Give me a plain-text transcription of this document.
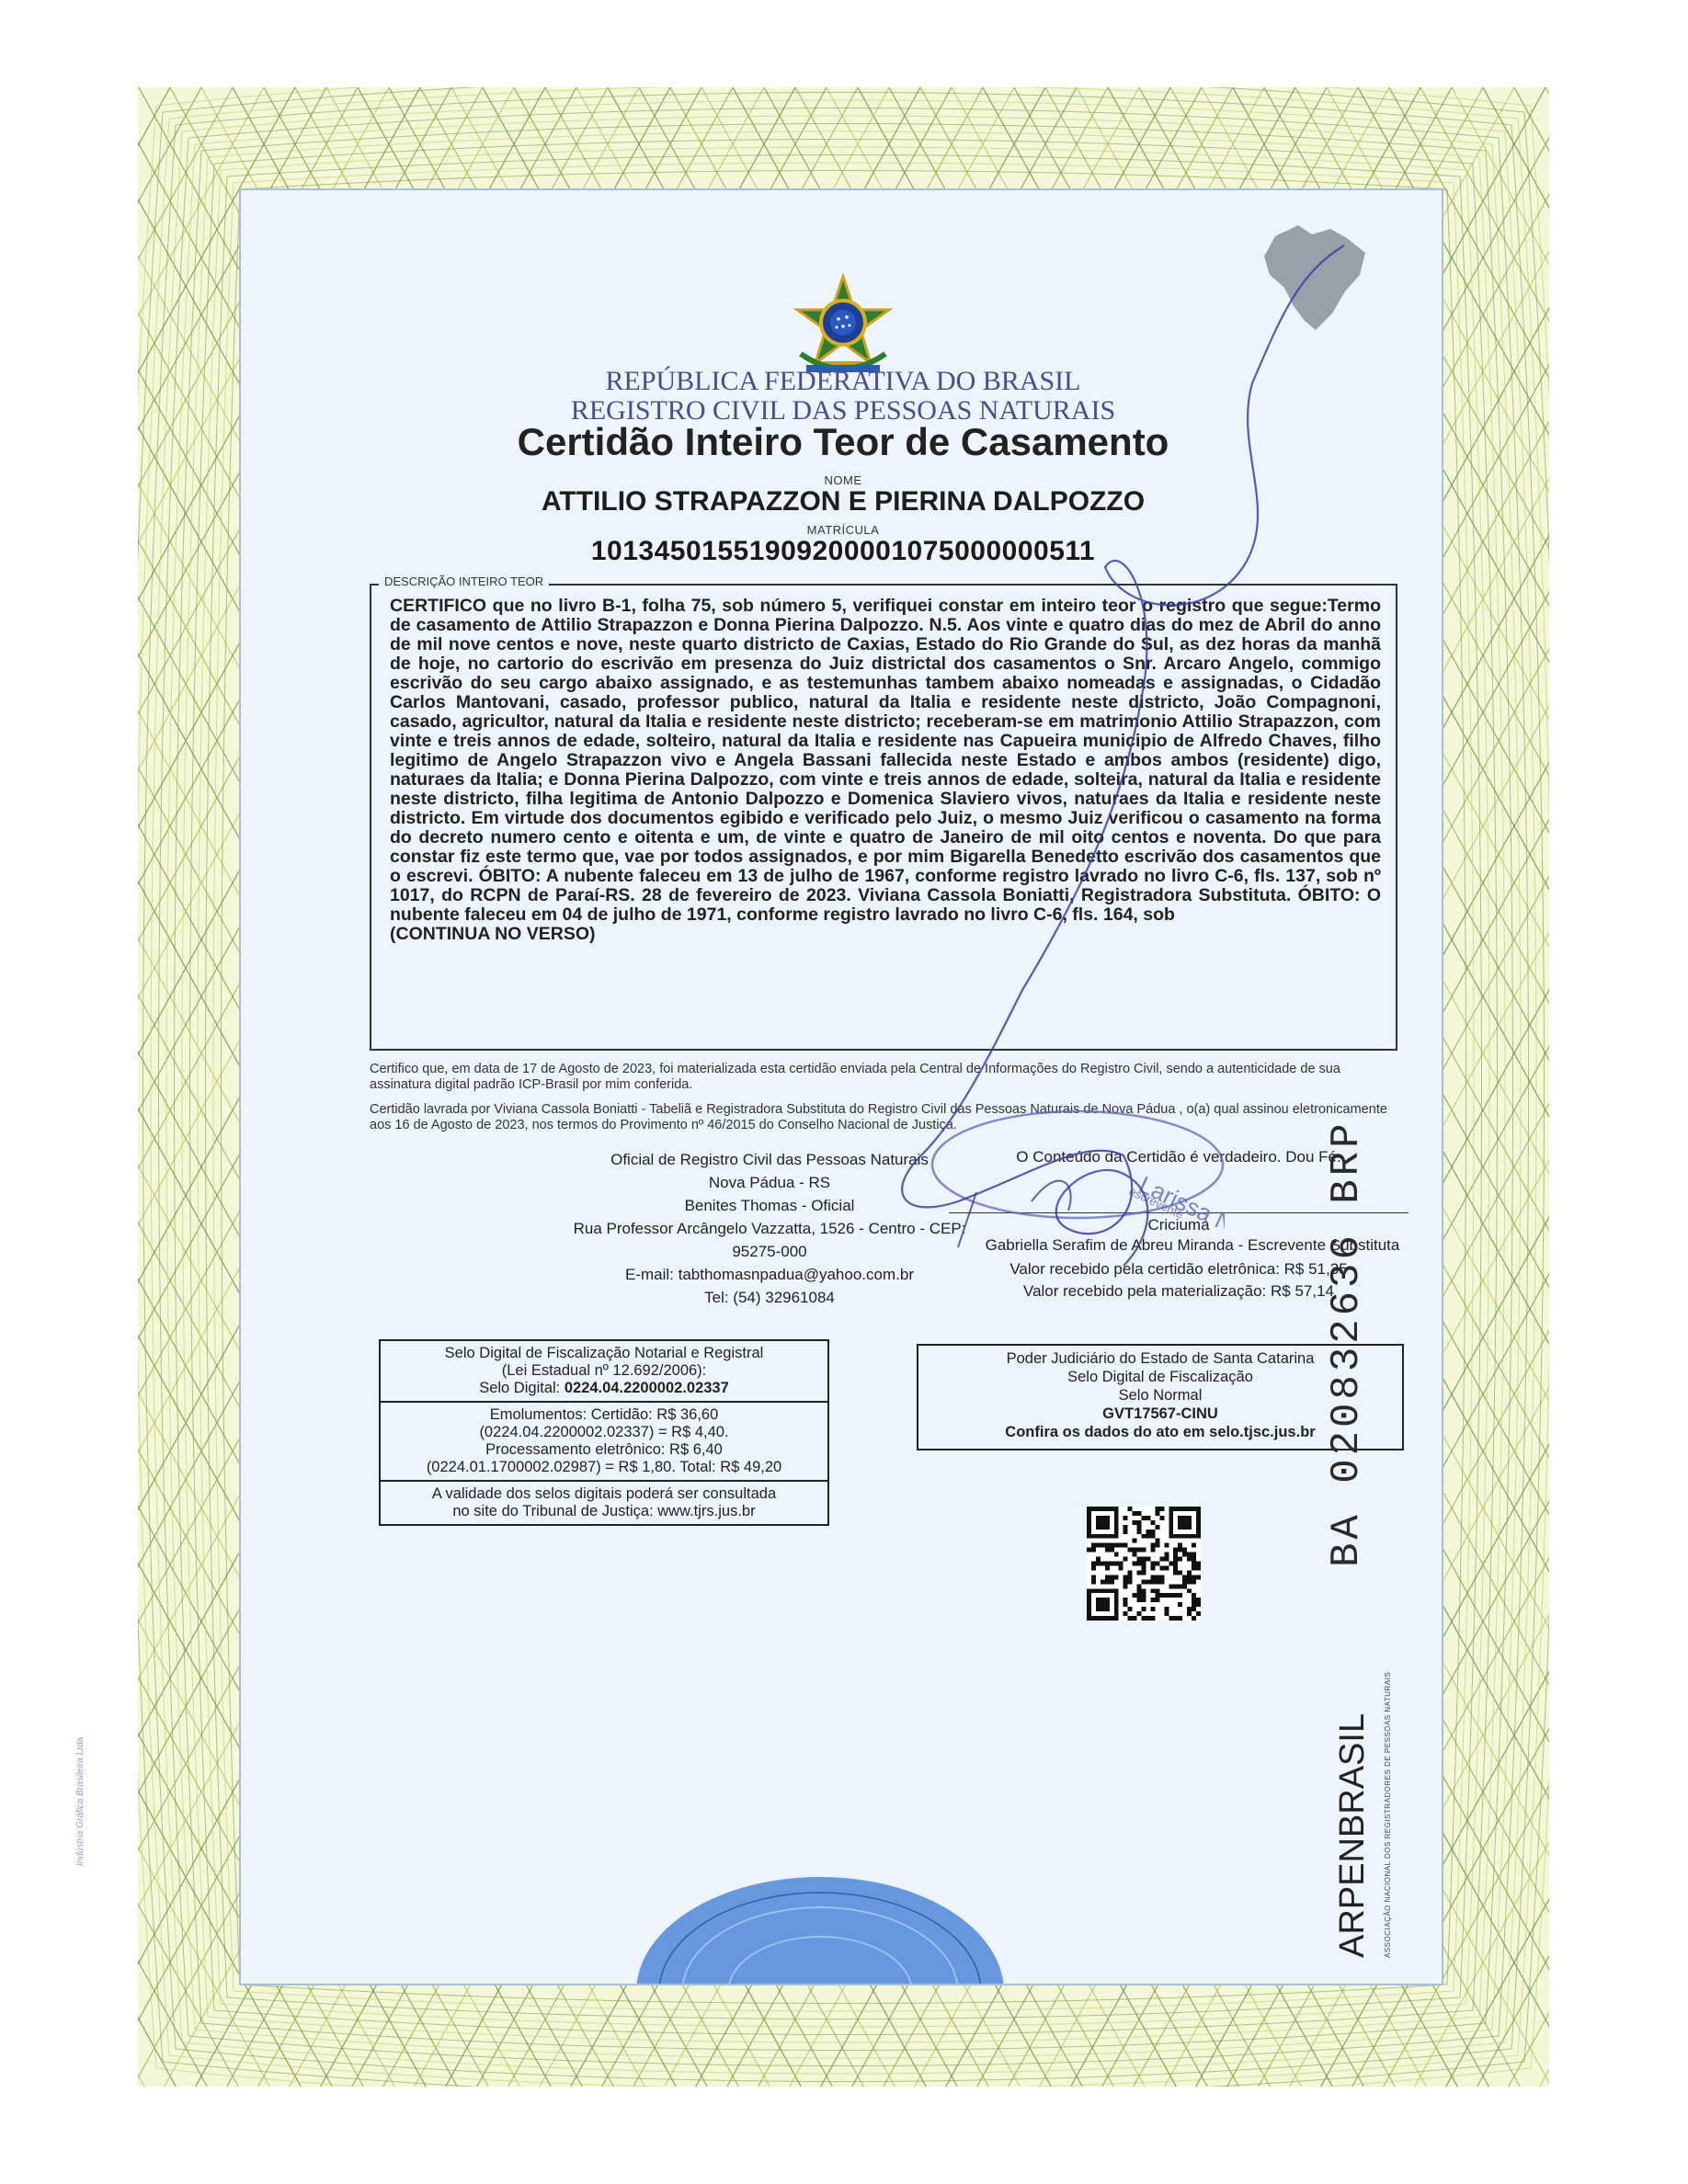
REPÚBLICA FEDERATIVA DO BRASIL
REGISTRO CIVIL DAS PESSOAS NATURAIS
Certidão Inteiro Teor de Casamento
NOME
ATTILIO STRAPAZZON E PIERINA DALPOZZO
MATRÍCULA
10134501551909200001075000000511
DESCRIÇÃO INTEIRO TEOR
CERTIFICO que no livro B-1, folha 75, sob número 5, verifiquei constar em inteiro teor o registro que segue:Termo de casamento de Attilio Strapazzon e Donna Pierina Dalpozzo. N.5. Aos vinte e quatro dias do mez de Abril do anno de mil nove centos e nove, neste quarto districto de Caxias, Estado do Rio Grande do Sul, as dez horas da manhã de hoje, no cartorio do escrivão em presenza do Juiz districtal dos casamentos o Snr. Arcaro Angelo, commigo escrivão do seu cargo abaixo assignado, e as testemunhas tambem abaixo nomeadas e assignadas, o Cidadão Carlos Mantovani, casado, professor publico, natural da Italia e residente neste districto, João Compagnoni, casado, agricultor, natural da Italia e residente neste districto; receberam-se em matrimonio Attilio Strapazzon, com vinte e treis annos de edade, solteiro, natural da Italia e residente nas Capueira municipio de Alfredo Chaves, filho legitimo de Angelo Strapazzon vivo e Angela Bassani fallecida neste Estado e ambos ambos (residente) digo, naturaes da Italia; e Donna Pierina Dalpozzo, com vinte e treis annos de edade, solteira, natural da Italia e residente neste districto, filha legitima de Antonio Dalpozzo e Domenica Slaviero vivos, naturaes da Italia e residente neste districto. Em virtude dos documentos egibido e verificado pelo Juiz, o mesmo Juiz verificou o casamento na forma do decreto numero cento e oitenta e um, de vinte e quatro de Janeiro de mil oito centos e noventa. Do que para constar fiz este termo que, vae por todos assignados, e por mim Bigarella Benedetto escrivão dos casamentos que o escrevi. ÓBITO: A nubente faleceu em 13 de julho de 1967, conforme registro lavrado no livro C-6, fls. 137, sob nº 1017, do RCPN de Paraí-RS. 28 de fevereiro de 2023. Viviana Cassola Boniatti, Registradora Substituta. ÓBITO: O nubente faleceu em 04 de julho de 1971, conforme registro lavrado no livro C-6, fls. 164, sob
(CONTINUA NO VERSO)
Certifico que, em data de 17 de Agosto de 2023, foi materializada esta certidão enviada pela Central de Informações do Registro Civil, sendo a autenticidade de sua assinatura digital padrão ICP-Brasil por mim conferida.
Certidão lavrada por Viviana Cassola Boniatti - Tabeliã e Registradora Substituta do Registro Civil das Pessoas Naturais de Nova Pádua , o(a) qual assinou eletronicamente aos 16 de Agosto de 2023, nos termos do Provimento nº 46/2015 do Conselho Nacional de Justiça.
Oficial de Registro Civil das Pessoas Naturais
Nova Pádua - RS
Benites Thomas - Oficial
Rua Professor Arcângelo Vazzatta, 1526 - Centro - CEP:
95275-000
E-mail: tabthomasnpadua@yahoo.com.br
Tel: (54) 32961084
O Conteúdo da Certidão é verdadeiro. Dou Fé.
Criciuma
Gabriella Serafim de Abreu Miranda - Escrevente Substituta
Valor recebido pela certidão eletrônica: R$ 51,35
Valor recebido pela materialização: R$ 57,14
Larissa
escrevente
Selo Digital de Fiscalização Notarial e Registral
(Lei Estadual nº 12.692/2006):
Selo Digital: 0224.04.2200002.02337
Emolumentos: Certidão: R$ 36,60
(0224.04.2200002.02337) = R$ 4,40.
Processamento eletrônico: R$ 6,40
(0224.01.1700002.02987) = R$ 1,80. Total: R$ 49,20
A validade dos selos digitais poderá ser consultada
no site do Tribunal de Justiça: www.tjrs.jus.br
Poder Judiciário do Estado de Santa Catarina
Selo Digital de Fiscalização
Selo Normal
GVT17567-CINU
Confira os dados do ato em selo.tjsc.jus.br BA 020832636 BRP
ARPENBRASIL ASSOCIAÇÃO NACIONAL DOS REGISTRADORES DE PESSOAS NATURAIS
Indústria Gráfica Brasileira Ltda
